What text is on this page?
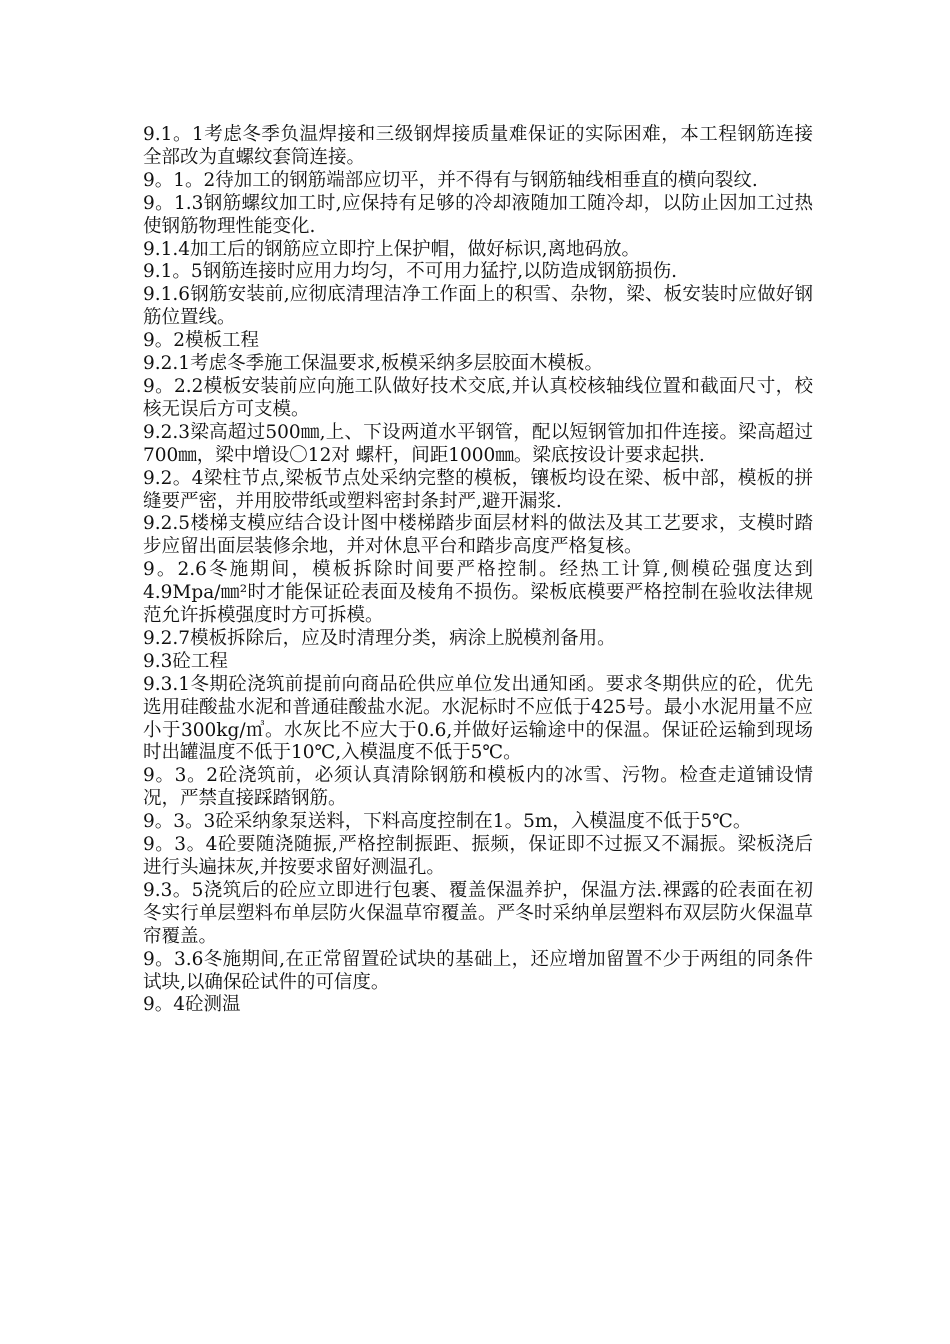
9.1。1考虑冬季负温焊接和三级钢焊接质量难保证的实际困难，本工程钢筋连接全部改为直螺纹套筒连接。

9。1。2待加工的钢筋端部应切平，并不得有与钢筋轴线相垂直的横向裂纹.

9。1.3钢筋螺纹加工时,应保持有足够的冷却液随加工随冷却，以防止因加工过热使钢筋物理性能变化.

9.1.4加工后的钢筋应立即拧上保护帽，做好标识,离地码放。

9.1。5钢筋连接时应用力均匀，不可用力猛拧,以防造成钢筋损伤.

9.1.6钢筋安装前,应彻底清理洁净工作面上的积雪、杂物，梁、板安装时应做好钢筋位置线。

9。2模板工程

9.2.1考虑冬季施工保温要求,板模采纳多层胶面木模板。

9。2.2模板安装前应向施工队做好技术交底,并认真校核轴线位置和截面尺寸，校核无误后方可支模。

9.2.3梁高超过500㎜,上、下设两道水平钢管，配以短钢管加扣件连接。梁高超过700㎜，梁中增设〇12对 螺杆，间距1000㎜。梁底按设计要求起拱.

9.2。4梁柱节点,梁板节点处采纳完整的模板，镶板均设在梁、板中部，模板的拼缝要严密，并用胶带纸或塑料密封条封严,避开漏浆.

9.2.5楼梯支模应结合设计图中楼梯踏步面层材料的做法及其工艺要求，支模时踏步应留出面层装修余地，并对休息平台和踏步高度严格复核。

9。2.6冬施期间，模板拆除时间要严格控制。经热工计算,侧模砼强度达到4.9Mpa/㎜²时才能保证砼表面及棱角不损伤。梁板底模要严格控制在验收法律规范允许拆模强度时方可拆模。

9.2.7模板拆除后，应及时清理分类，病涂上脱模剂备用。

9.3砼工程

9.3.1冬期砼浇筑前提前向商品砼供应单位发出通知函。要求冬期供应的砼，优先选用硅酸盐水泥和普通硅酸盐水泥。水泥标时不应低于425号。最小水泥用量不应小于300kg/㎥。水灰比不应大于0.6,并做好运输途中的保温。保证砼运输到现场时出罐温度不低于10℃,入模温度不低于5℃。

9。3。2砼浇筑前，必须认真清除钢筋和模板内的冰雪、污物。检查走道铺设情况，严禁直接踩踏钢筋。

9。3。3砼采纳象泵送料，下料高度控制在1。5m，入模温度不低于5℃。

9。3。4砼要随浇随振,严格控制振距、振频，保证即不过振又不漏振。梁板浇后进行头遍抹灰,并按要求留好测温孔。

9.3。5浇筑后的砼应立即进行包裹、覆盖保温养护，保温方法.裸露的砼表面在初冬实行单层塑料布单层防火保温草帘覆盖。严冬时采纳单层塑料布双层防火保温草帘覆盖。

9。3.6冬施期间,在正常留置砼试块的基础上，还应增加留置不少于两组的同条件试块,以确保砼试件的可信度。

9。4砼测温
